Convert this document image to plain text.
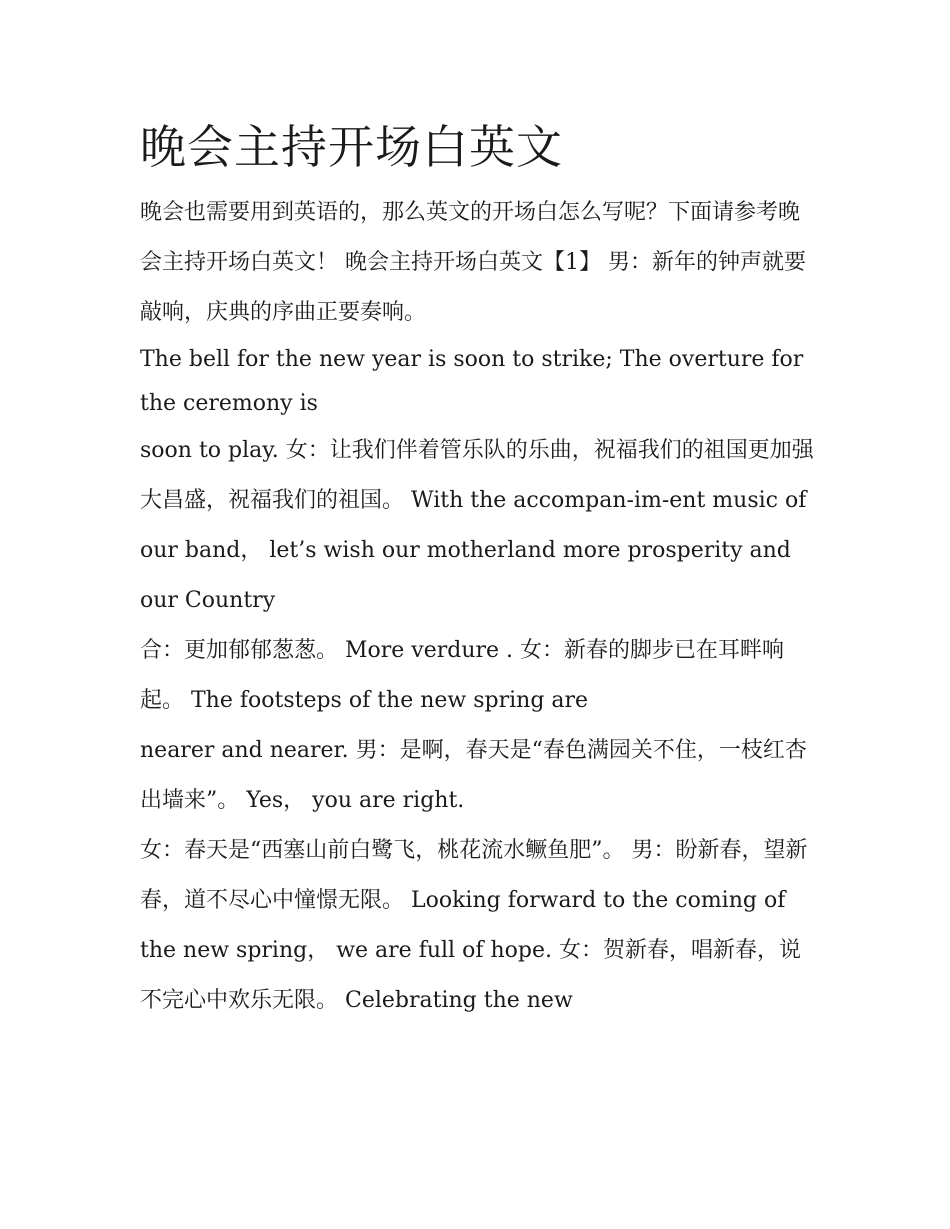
晚会主持开场白英文

晚会也需要用到英语的，那么英文的开场白怎么写呢？下面请参考晚会主持开场白英文！ 晚会主持开场白英文【1】 男：新年的钟声就要敲响，庆典的序曲正要奏响。

The bell for the new year is soon to strike; The overture for the ceremony is

soon to play. 女：让我们伴着管乐队的乐曲，祝福我们的祖国更加强大昌盛，祝福我们的祖国。 With the accompan-im-ent music of our band， let’s wish our motherland more prosperity and our Country

合：更加郁郁葱葱。 More verdure . 女：新春的脚步已在耳畔响起。 The footsteps of the new spring are

nearer and nearer. 男：是啊，春天是“春色满园关不住，一枝红杏出墙来”。 Yes， you are right.

女：春天是“西塞山前白鹭飞，桃花流水鳜鱼肥”。 男：盼新春，望新春，道不尽心中憧憬无限。 Looking forward to the coming of

the new spring， we are full of hope. 女：贺新春，唱新春，说不完心中欢乐无限。 Celebrating the new
